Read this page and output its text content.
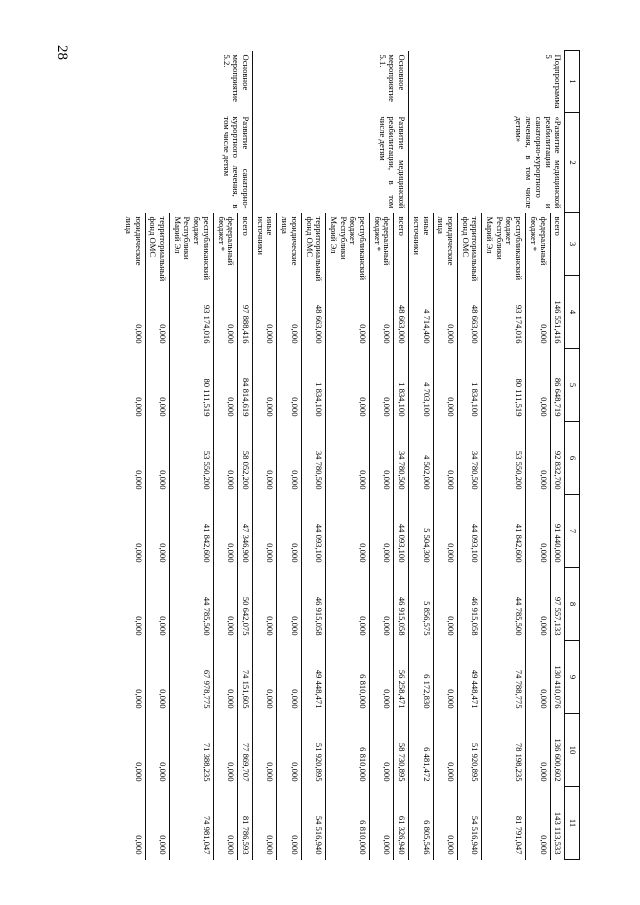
28
1	2	3	4	5	6	7	8	9	10	11
Подпрограмма 5	«Развитие медицинской реабилитации и санаторно-курортного лечения, в том числе детям»	всего	146 551,416	86 648,719	92 832,700	91 440,000	97 557,133	130 410,076	136 600,602	143 113,533
		федеральный бюджет *	0,000	0,000	0,000	0,000	0,000	0,000	0,000	0,000
		республиканский бюджет Республики Марий Эл	93 174,016	80 111,519	53 550,200	41 842,600	44 785,500	74 788,775	78 198,235	81 791,047
		территориальный фонд ОМС	48 663,000	1 834,100	34 780,500	44 093,100	46 915,058	49 448,471	51 920,895	54 516,940
		юридические лица	0,000	0,000	0,000	0,000	0,000	0,000	0,000	0,000
		иные источники	4 714,400	4 703,100	4 502,000	5 504,300	5 856,575	6 172,830	6 481,472	6 805,546
Основное мероприятие 5.1.	Развитие медицинской реабилитации, в том числе детям	всего	48 663,000	1 834,100	34 780,500	44 093,100	46 915,058	56 258,471	58 730,895	61 326,940
		федеральный бюджет *	0,000	0,000	0,000	0,000	0,000	0,000	0,000	0,000
		республиканский бюджет Республики Марий Эл	0,000	0,000	0,000	0,000	0,000	6 810,000	6 810,000	6 810,000
		территориальный фонд ОМС	48 663,000	1 834,100	34 780,500	44 093,100	46 915,058	49 448,471	51 920,895	54 516,940
		юридические лица	0,000	0,000	0,000	0,000	0,000	0,000	0,000	0,000
		иные источники	0,000	0,000	0,000	0,000	0,000	0,000	0,000	0,000
Основное мероприятие 5.2.	Развитие санаторно-курортного лечения, в том числе детям	всего	97 888,416	84 814,619	58 052,200	47 346,900	50 642,075	74 151,605	77 869,707	81 786,593
		федеральный бюджет *	0,000	0,000	0,000	0,000	0,000	0,000	0,000	0,000
		республиканский бюджет Республики Марий Эл	93 174,016	80 111,519	53 550,200	41 842,600	44 785,500	67 978,775	71 388,235	74 981,047
		территориальный фонд ОМС	0,000	0,000	0,000	0,000	0,000	0,000	0,000	0,000
		юридические лица	0,000	0,000	0,000	0,000	0,000	0,000	0,000	0,000
